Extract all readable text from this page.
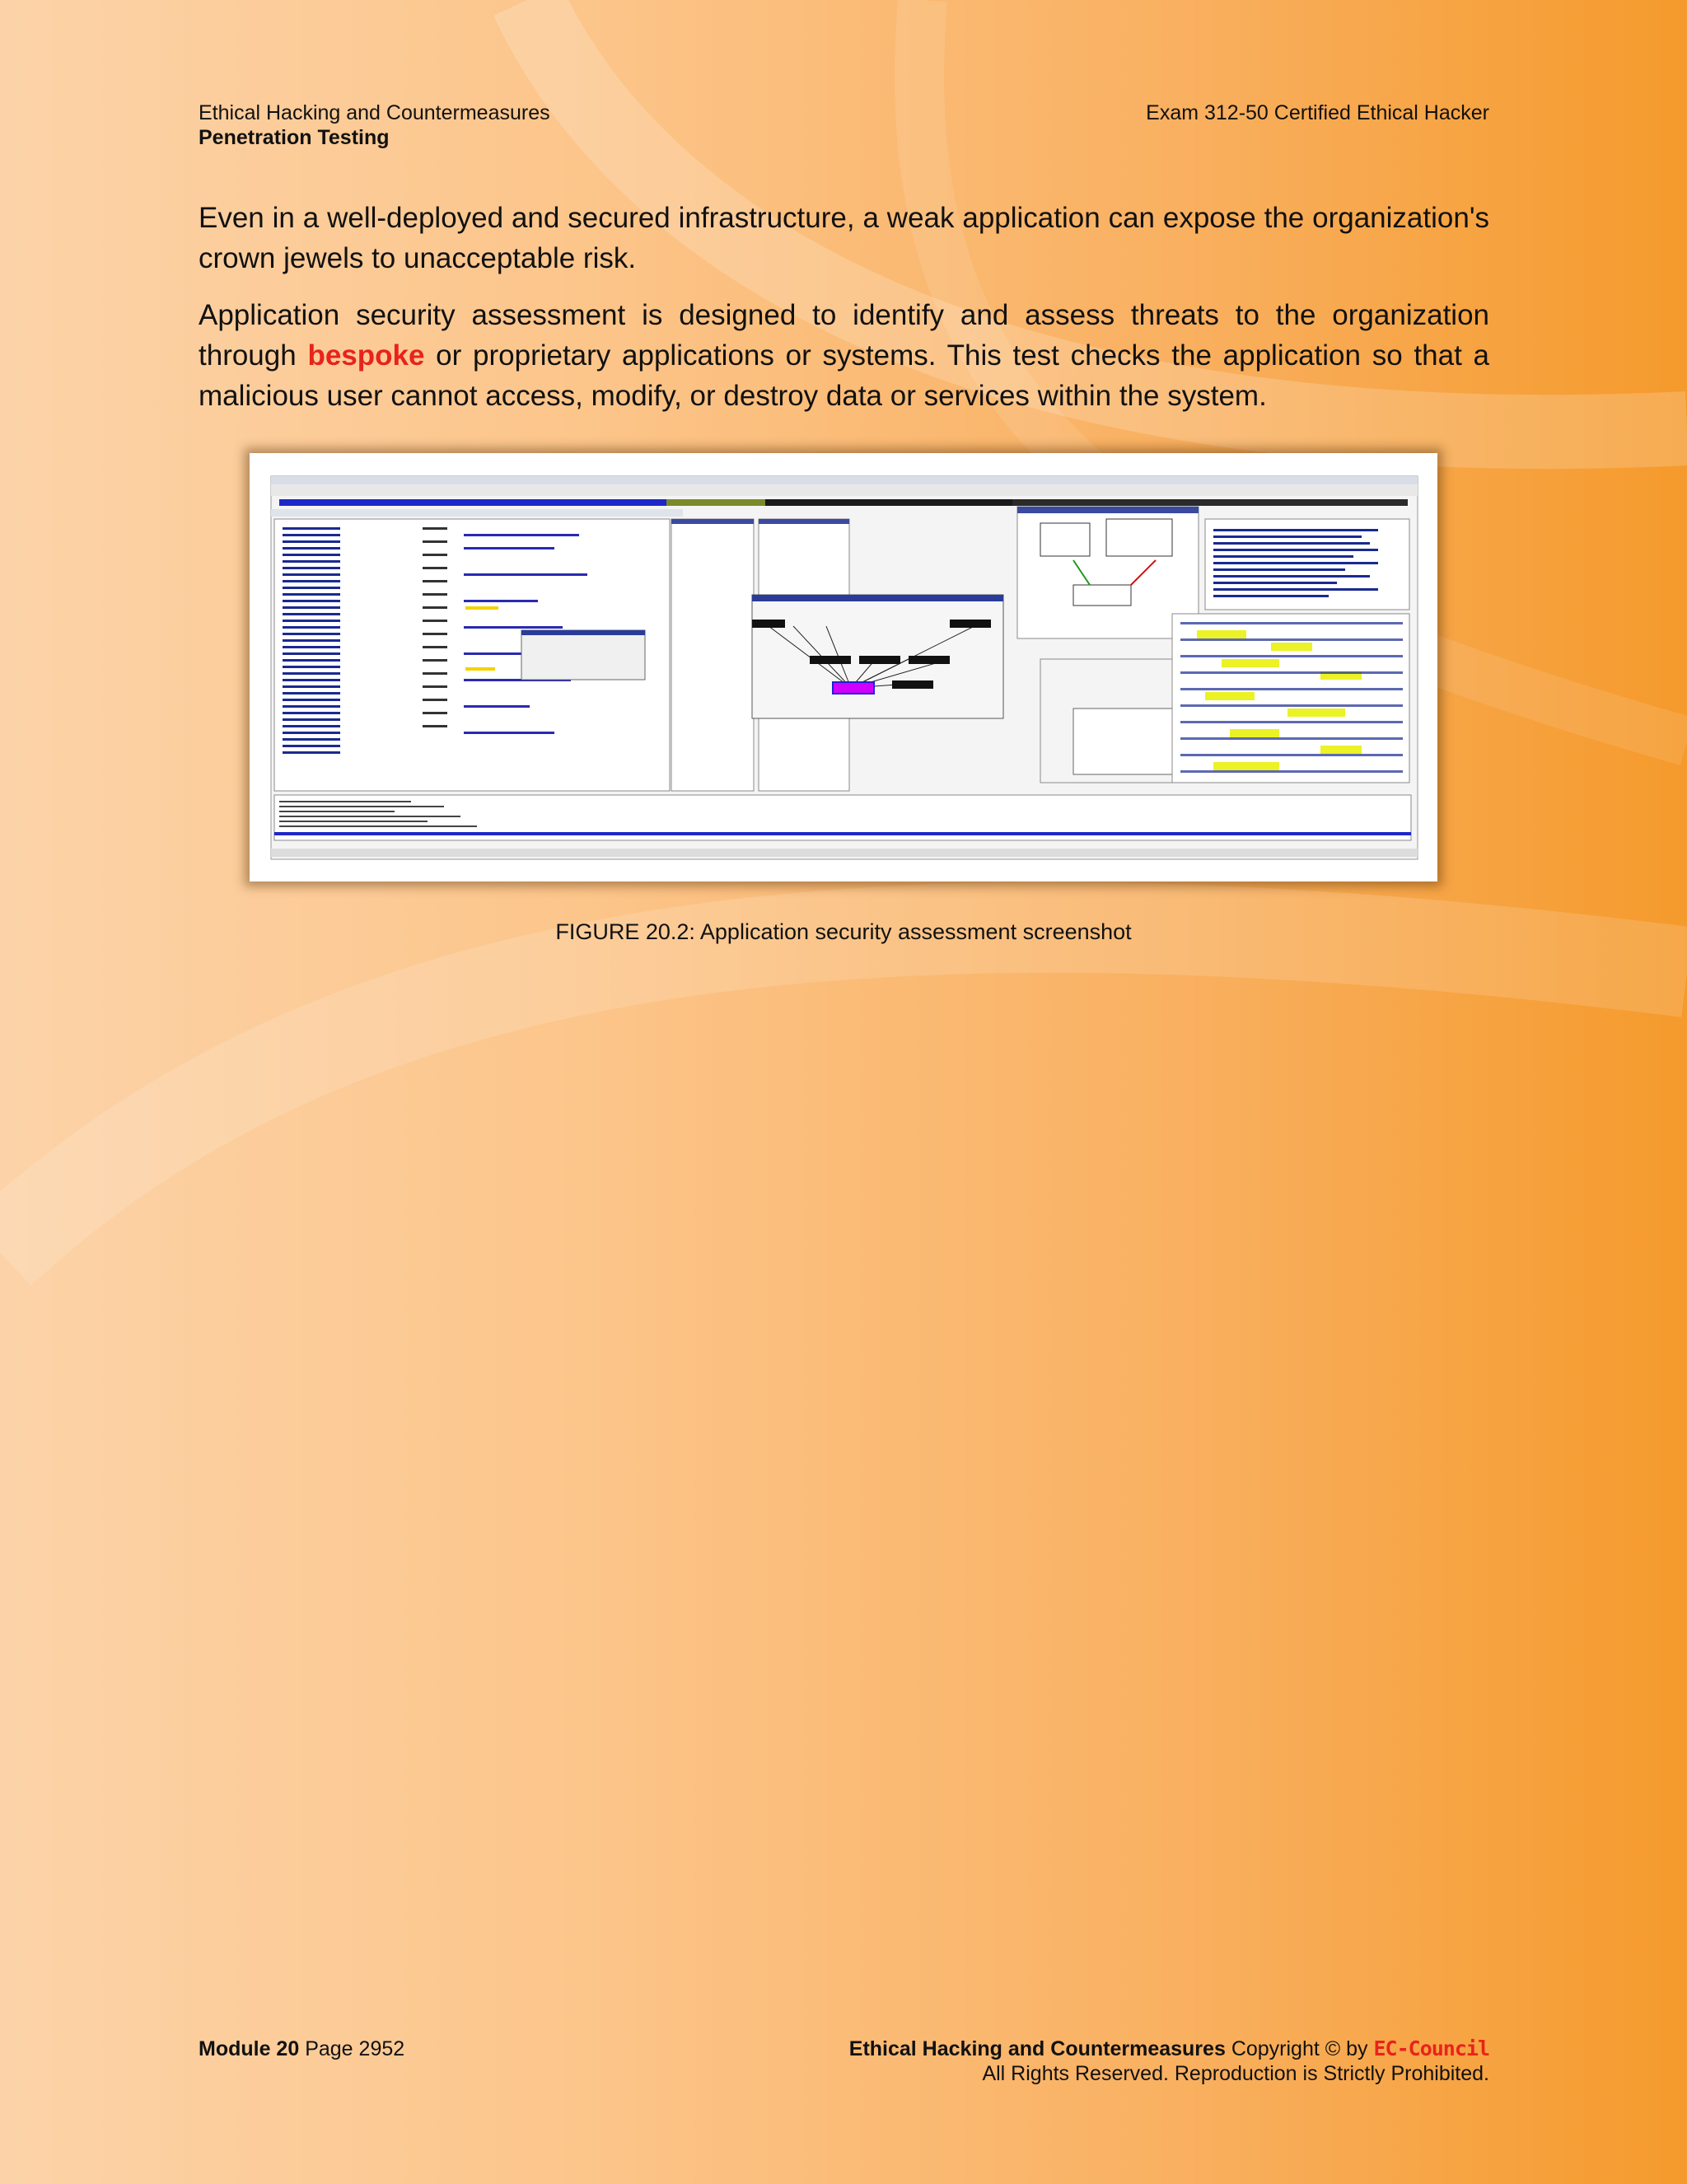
Ethical Hacking and Countermeasures
Penetration Testing
Exam 312-50 Certified Ethical Hacker

Even in a well-deployed and secured infrastructure, a weak application can expose the organization's crown jewels to unacceptable risk.

Application security assessment is designed to identify and assess threats to the organization through bespoke or proprietary applications or systems. This test checks the application so that a malicious user cannot access, modify, or destroy data or services within the system.

FIGURE 20.2: Application security assessment screenshot
Module 20 Page 2952	Ethical Hacking and Countermeasures Copyright © by EC-Council
All Rights Reserved. Reproduction is Strictly Prohibited.
